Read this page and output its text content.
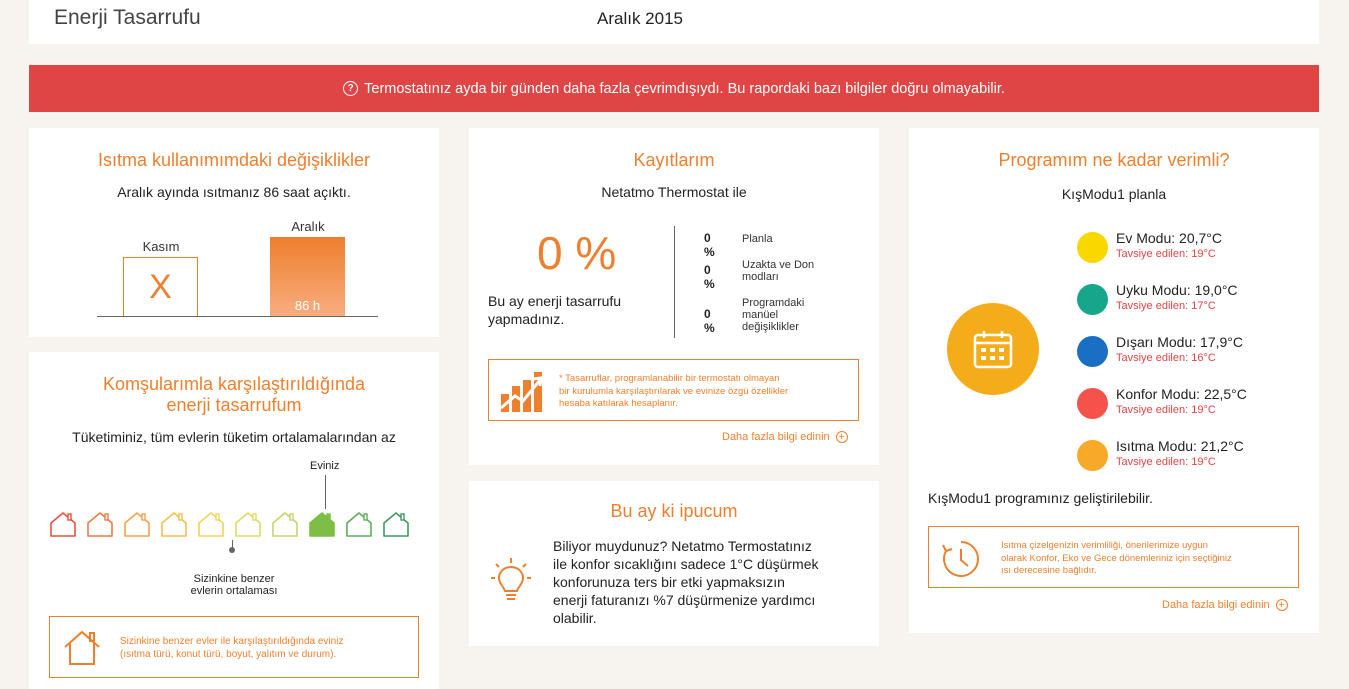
Enerji Tasarrufu	Aralık 2015
? Termostatınız ayda bir günden daha fazla çevrimdışıydı. Bu rapordaki bazı bilgiler doğru olmayabilir.
Isıtma kullanımımdaki değişiklikler
Aralık ayında ısıtmanız 86 saat açıktı.
Kasım
X
Aralık
86 h
Komşularımla karşılaştırıldığında
enerji tasarrufum
Tüketiminiz, tüm evlerin tüketim ortalamalarından az
Eviniz
Sizinkine benzer
evlerin ortalaması
Sizinkine benzer evler ile karşılaştırıldığında eviniz
(ısıtma türü, konut türü, boyut, yalıtım ve durum).
Kayıtlarım
Netatmo Thermostat ile
0 %
Bu ay enerji tasarrufu
yapmadınız.
0 %
Planla
0 %
Uzakta ve Don
modları
0 %
Programdaki
manüel
değişiklikler
* Tasarruflar, programlanabilir bir termostatı olmayan
bir kurulumla karşılaştırılarak ve evinize özgü özellikler
hesaba katılarak hesaplanır.
Daha fazla bilgi edinin +
Bu ay ki ipucum
Biliyor muydunuz? Netatmo Termostatınız
ile konfor sıcaklığını sadece 1°C düşürmek
konforunuza ters bir etki yapmaksızın
enerji faturanızı %7 düşürmenize yardımcı
olabilir.
Programım ne kadar verimli?
KışModu1 planla
Ev Modu: 20,7°C
Tavsiye edilen: 19°C
Uyku Modu: 19,0°C
Tavsiye edilen: 17°C
Dışarı Modu: 17,9°C
Tavsiye edilen: 16°C
Konfor Modu: 22,5°C
Tavsiye edilen: 19°C
Isıtma Modu: 21,2°C
Tavsiye edilen: 19°C
KışModu1 programınız geliştirilebilir.
Isıtma çizelgenizin verimliliği, önerilerimize uygun
olarak Konfor, Eko ve Gece dönemleriniz için seçtiğiniz
ısı derecesine bağlıdır.
Daha fazla bilgi edinin +
